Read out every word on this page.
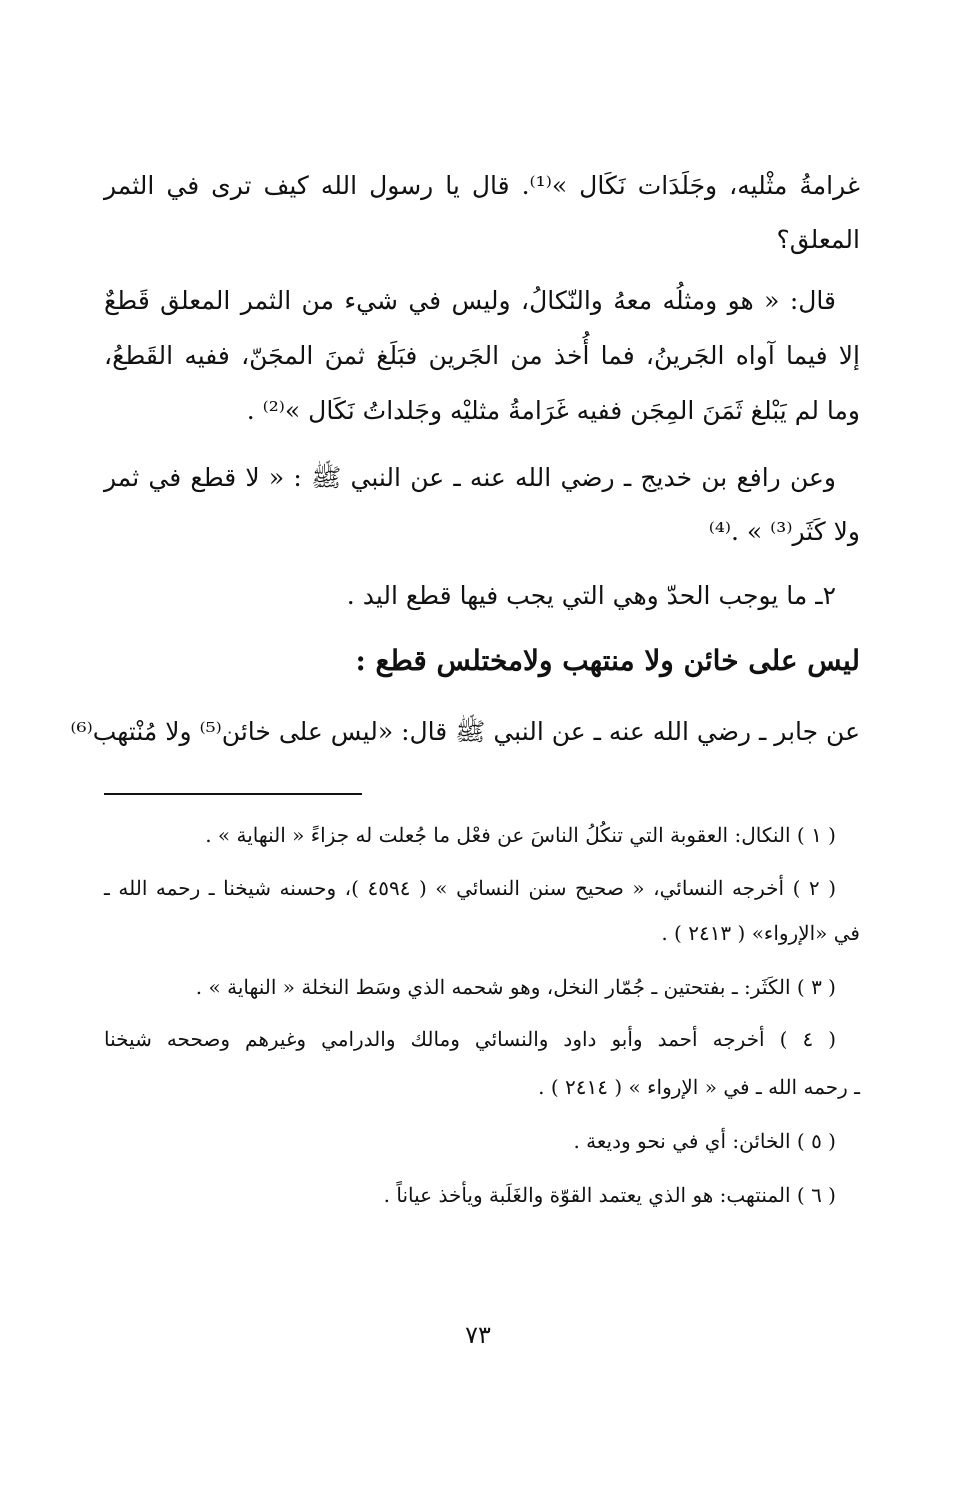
غرامةُ مثْليه، وجَلَدَات نَكَال »⁽¹⁾. قال يا رسول الله كيف ترى في الثمر
المعلق؟
قال: « هو ومثلُه معهُ والنّكالُ، وليس في شيء من الثمر المعلق قَطعٌ
إلا فيما آواه الجَرينُ، فما أُخذ من الجَرين فبَلَغ ثمنَ المجَنّ، ففيه القَطعُ،
وما لم يَبْلغ ثَمَنَ المِجَن ففيه غَرَامةُ مثليْه وجَلداتُ نَكَال »⁽²⁾ .
وعن رافع بن خديج ـ رضي الله عنه ـ عن النبي ﷺ : « لا قطع في ثمر
ولا كَثَر⁽³⁾ » .⁽⁴⁾
٢ـ ما يوجب الحدّ وهي التي يجب فيها قطع اليد .
ليس على خائن ولا منتهب ولامختلس قطع :
عن جابر ـ رضي الله عنه ـ عن النبي ﷺ قال: «ليس على خائن⁽⁵⁾ ولا مُنْتهب⁽⁶⁾
( ١ ) النكال: العقوبة التي تنكُلُ الناسَ عن فعْل ما جُعلت له جزاءً « النهاية » .
( ٢ ) أخرجه النسائي، « صحيح سنن النسائي » ( ٤٥٩٤ )، وحسنه شيخنا ـ رحمه الله ـ
في «الإرواء» ( ٢٤١٣ ) .
( ٣ ) الكَثَر: ـ بفتحتين ـ جُمّار النخل، وهو شحمه الذي وسَط النخلة « النهاية » .
( ٤ ) أخرجه أحمد وأبو داود والنسائي ومالك والدرامي وغيرهم وصححه شيخنا
ـ رحمه الله ـ في « الإرواء » ( ٢٤١٤ ) .
( ٥ ) الخائن: أي في نحو وديعة .
( ٦ ) المنتهب: هو الذي يعتمد القوّة والغَلَبة ويأخذ عياناً .
٧٣
